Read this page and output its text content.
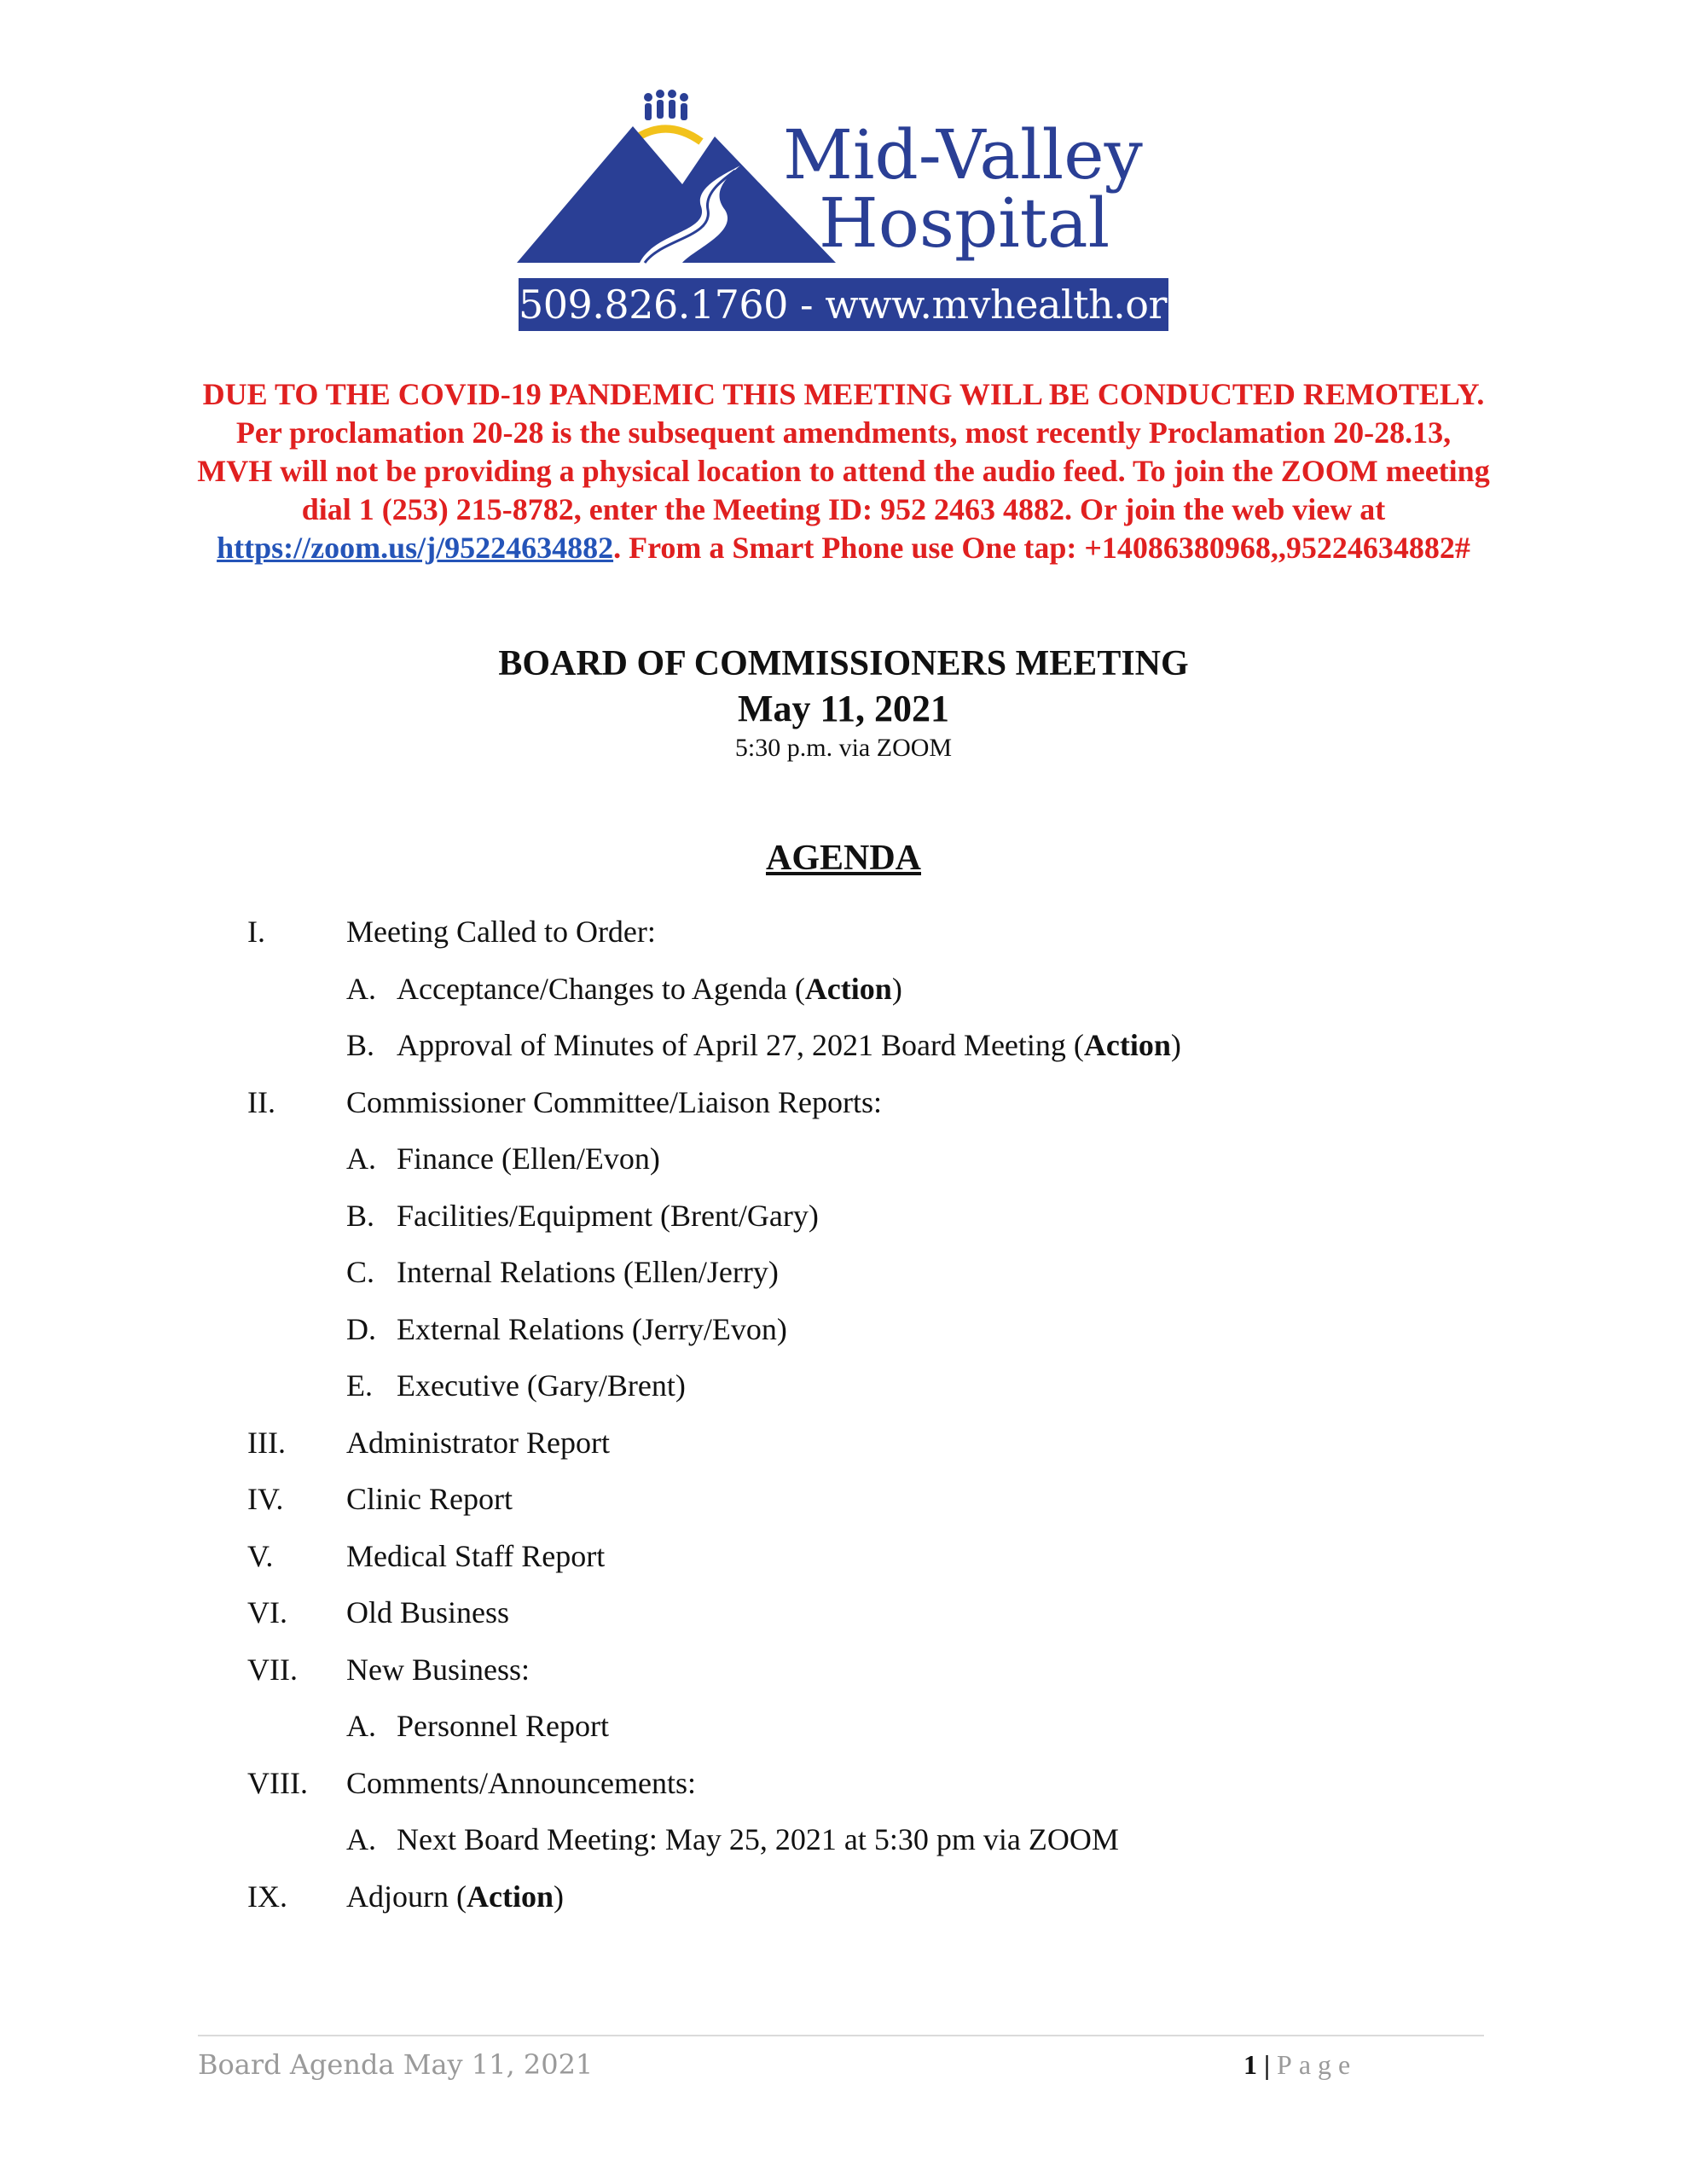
Mid-Valley
Hospital
509.826.1760 - www.mvhealth.org
DUE TO THE COVID-19 PANDEMIC THIS MEETING WILL BE CONDUCTED REMOTELY. Per proclamation 20-28 is the subsequent amendments, most recently Proclamation 20-28.13, MVH will not be providing a physical location to attend the audio feed. To join the ZOOM meeting dial 1 (253) 215-8782, enter the Meeting ID: 952 2463 4882. Or join the web view at https://zoom.us/j/95224634882. From a Smart Phone use One tap: +14086380968,,95224634882#
BOARD OF COMMISSIONERS MEETING
May 11, 2021
5:30 p.m. via ZOOM
AGENDA
I.	Meeting Called to Order:
A. Acceptance/Changes to Agenda (Action)
B. Approval of Minutes of April 27, 2021 Board Meeting (Action)
II. Commissioner Committee/Liaison Reports:
A. Finance (Ellen/Evon)
B. Facilities/Equipment (Brent/Gary)
C. Internal Relations (Ellen/Jerry)
D. External Relations (Jerry/Evon)
E. Executive (Gary/Brent)
III. Administrator Report
IV. Clinic Report
V. Medical Staff Report
VI. Old Business
VII. New Business:
A. Personnel Report
VIII. Comments/Announcements:
A. Next Board Meeting: May 25, 2021 at 5:30 pm via ZOOM
IX. Adjourn (Action)
Board Agenda May 11, 2021	1 | Page
